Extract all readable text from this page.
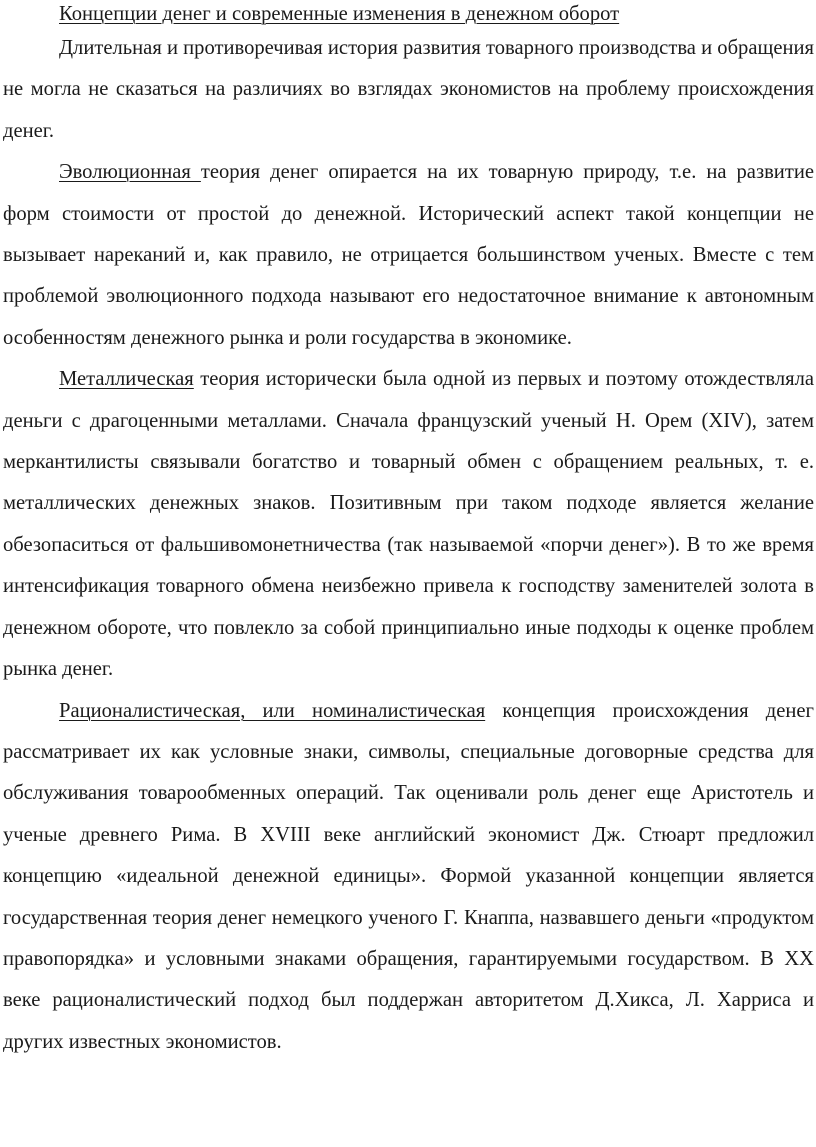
Концепции денег и современные изменения в денежном оборот

Длительная и противоречивая история развития товарного производства и обращения не могла не сказаться на различиях во взглядах экономистов на проблему происхождения денег.

Эволюционная теория денег опирается на их товарную природу, т.е. на развитие форм стоимости от простой до денежной. Исторический аспект такой концепции не вызывает нареканий и, как правило, не отрицается большинством ученых. Вместе с тем проблемой эволюционного подхода называют его недостаточное внимание к автономным особенностям денежного рынка и роли государства в экономике.

Металлическая теория исторически была одной из первых и поэтому отождествляла деньги с драгоценными металлами. Сначала французский ученый Н. Орем (XIV), затем меркантилисты связывали богатство и товарный обмен с обращением реальных, т. е. металлических денежных знаков. Позитивным при таком подходе является желание обезопаситься от фальшивомонетничества (так называемой «порчи денег»). В то же время интенсификация товарного обмена неизбежно привела к господству заменителей золота в денежном обороте, что повлекло за собой принципиально иные подходы к оценке проблем рынка денег.

Рационалистическая, или номиналистическая концепция происхождения денег рассматривает их как условные знаки, символы, специальные договорные средства для обслуживания товарообменных операций. Так оценивали роль денег еще Аристотель и ученые древнего Рима. В XVIII веке английский экономист Дж. Стюарт предложил концепцию «идеальной денежной единицы». Формой указанной концепции является государственная теория денег немецкого ученого Г. Кнаппа, назвавшего деньги «продуктом правопорядка» и условными знаками обращения, гарантируемыми государством. В XX веке рационалистический подход был поддержан авторитетом Д.Хикса, Л. Харриса и других известных экономистов.
